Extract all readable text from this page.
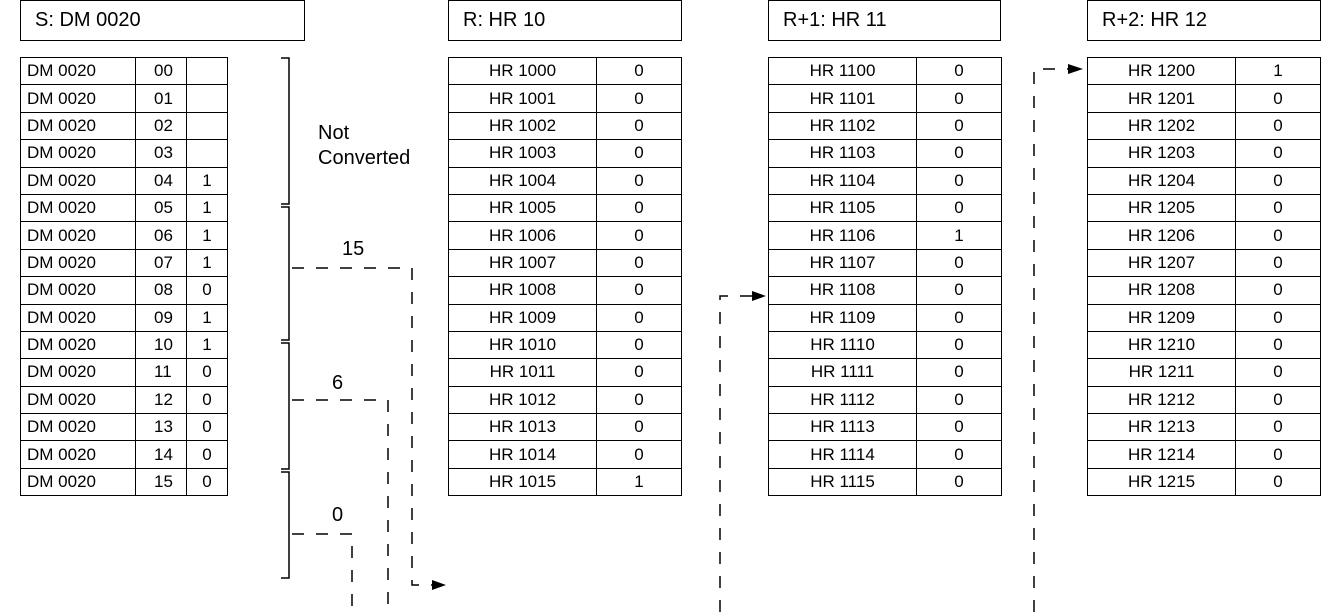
S: DM 0020	R: HR 10	R+1: HR 11	R+2: HR 12
DM 0020	00	
DM 0020	01	
DM 0020	02	
DM 0020	03	
DM 0020	04	1
DM 0020	05	1
DM 0020	06	1
DM 0020	07	1
DM 0020	08	0
DM 0020	09	1
DM 0020	10	1
DM 0020	11	0
DM 0020	12	0
DM 0020	13	0
DM 0020	14	0
DM 0020	15	0
HR 1000	0
HR 1001	0
HR 1002	0
HR 1003	0
HR 1004	0
HR 1005	0
HR 1006	0
HR 1007	0
HR 1008	0
HR 1009	0
HR 1010	0
HR 1011	0
HR 1012	0
HR 1013	0
HR 1014	0
HR 1015	1
HR 1100	0
HR 1101	0
HR 1102	0
HR 1103	0
HR 1104	0
HR 1105	0
HR 1106	1
HR 1107	0
HR 1108	0
HR 1109	0
HR 1110	0
HR 1111	0
HR 1112	0
HR 1113	0
HR 1114	0
HR 1115	0
HR 1200	1
HR 1201	0
HR 1202	0
HR 1203	0
HR 1204	0
HR 1205	0
HR 1206	0
HR 1207	0
HR 1208	0
HR 1209	0
HR 1210	0
HR 1211	0
HR 1212	0
HR 1213	0
HR 1214	0
HR 1215	0
Not
Converted
15
6
0
